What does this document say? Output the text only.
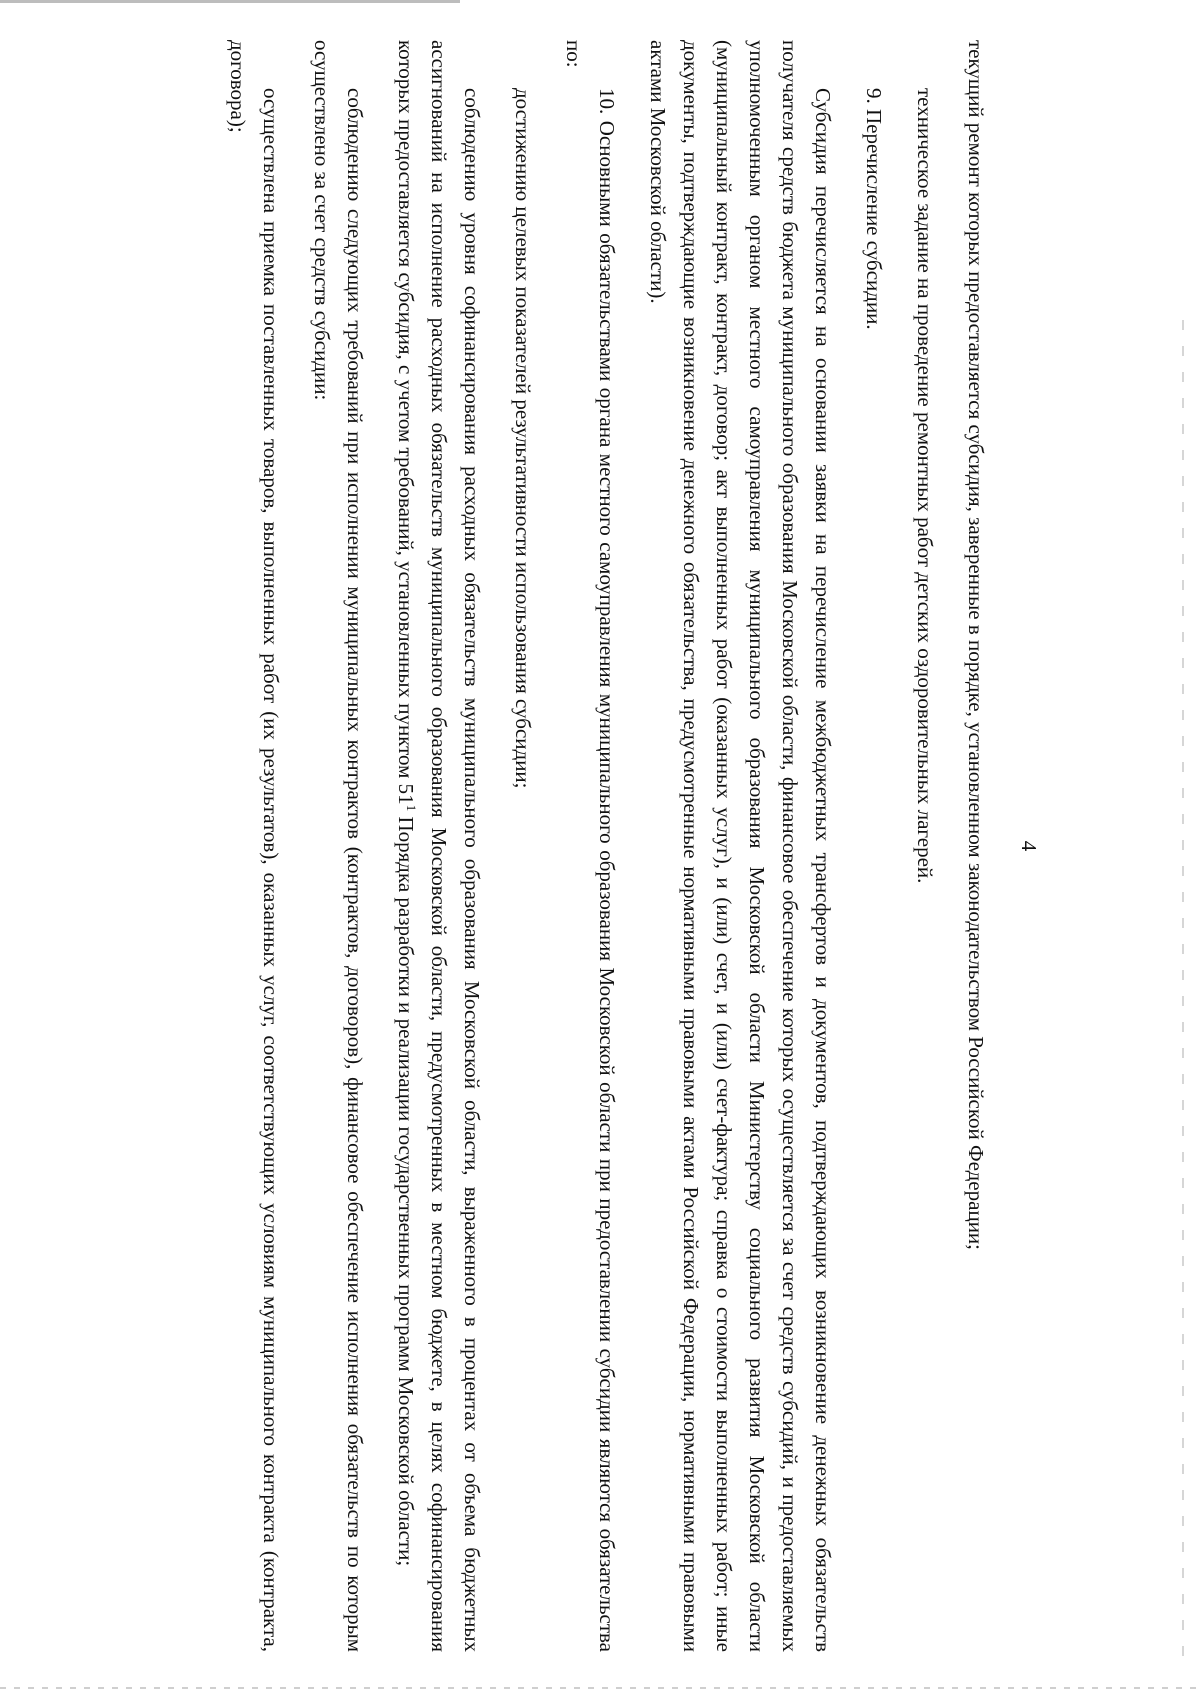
4

текущий ремонт которых предоставляется субсидия, заверенные в порядке, установленном законодательством Российской Федерации;

техническое задание на проведение ремонтных работ детских оздоровительных лагерей.

9. Перечисление субсидии.

Субсидия перечисляется на основании заявки на перечисление межбюджетных трансфертов и документов, подтверждающих возникновение денежных обязательств получателя средств бюджета муниципального образования Московской области, финансовое обеспечение которых осуществляется за счет средств субсидий, и предоставляемых уполномоченным органом местного самоуправления муниципального образования Московской области Министерству социального развития Московской области (муниципальный контракт, контракт, договор; акт выполненных работ (оказанных услуг), и (или) счет, и (или) счет-фактура; справка о стоимости выполненных работ; иные документы, подтверждающие возникновение денежного обязательства, предусмотренные нормативными правовыми актами Российской Федерации, нормативными правовыми актами Московской области).

10. Основными обязательствами органа местного самоуправления муниципального образования Московской области при предоставлении субсидии являются обязательства по:

достижению целевых показателей результативности использования субсидии;

соблюдению уровня софинансирования расходных обязательств муниципального образования Московской области, выраженного в процентах от объема бюджетных ассигнований на исполнение расходных обязательств муниципального образования Московской области, предусмотренных в местном бюджете, в целях софинансирования которых предоставляется субсидия, с учетом требований, установленных пунктом $51^1$ Порядка разработки и реализации государственных программ Московской области;

соблюдению следующих требований при исполнении муниципальных контрактов (контрактов, договоров), финансовое обеспечение исполнения обязательств по которым осуществлено за счет средств субсидии:

осуществлена приемка поставленных товаров, выполненных работ (их результатов), оказанных услуг, соответствующих условиям муниципального контракта (контракта, договора);
